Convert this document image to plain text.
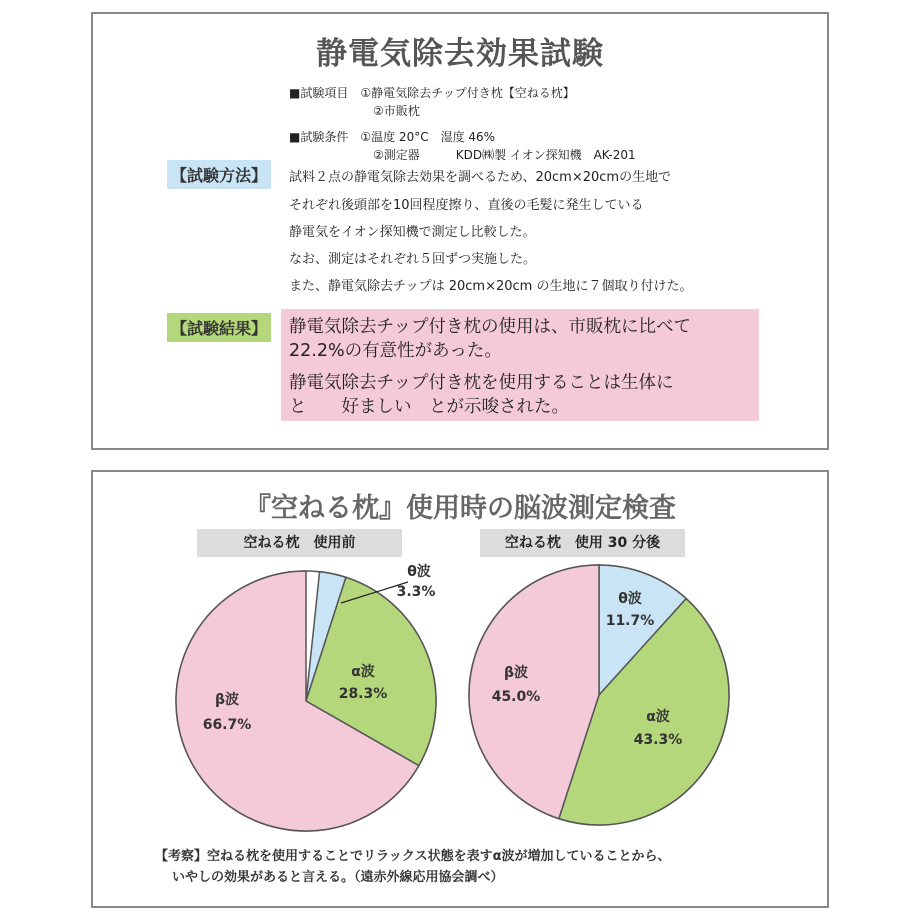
静電気除去効果試験
■試験項目　 ①静電気除去チップ付き枕【空ねる枕】
②市販枕
■試験条件　 ①温度 20°C　湿度 46%
②測定器　　　KDD㈱製 イオン探知機　AK-201
【試験方法】	試料２点の静電気除去効果を調べるため、20cm×20cmの生地で
それぞれ後頭部を10回程度擦り、直後の毛髪に発生している
静電気をイオン探知機で測定し比較した。
なお、測定はそれぞれ５回ずつ実施した。
また、静電気除去チップは 20cm×20cm の生地に７個取り付けた。
【試験結果】 静電気除去チップ付き枕の使用は、市販枕に比べて
22.2%の有意性があった。
静電気除去チップ付き枕を使用することは生体に
と　　好ましい　とが示唆された。
『空ねる枕』使用時の脳波測定検査
空ねる枕　使用前	空ねる枕　使用 30 分後
θ波
3.3%
α波
28.3%
β波
66.7%
θ波
11.7%
α波
43.3%
β波
45.0%
【考察】空ねる枕を使用することでリラックス状態を表すα波が増加していることから、
いやしの効果があると言える。（遠赤外線応用協会調べ）
